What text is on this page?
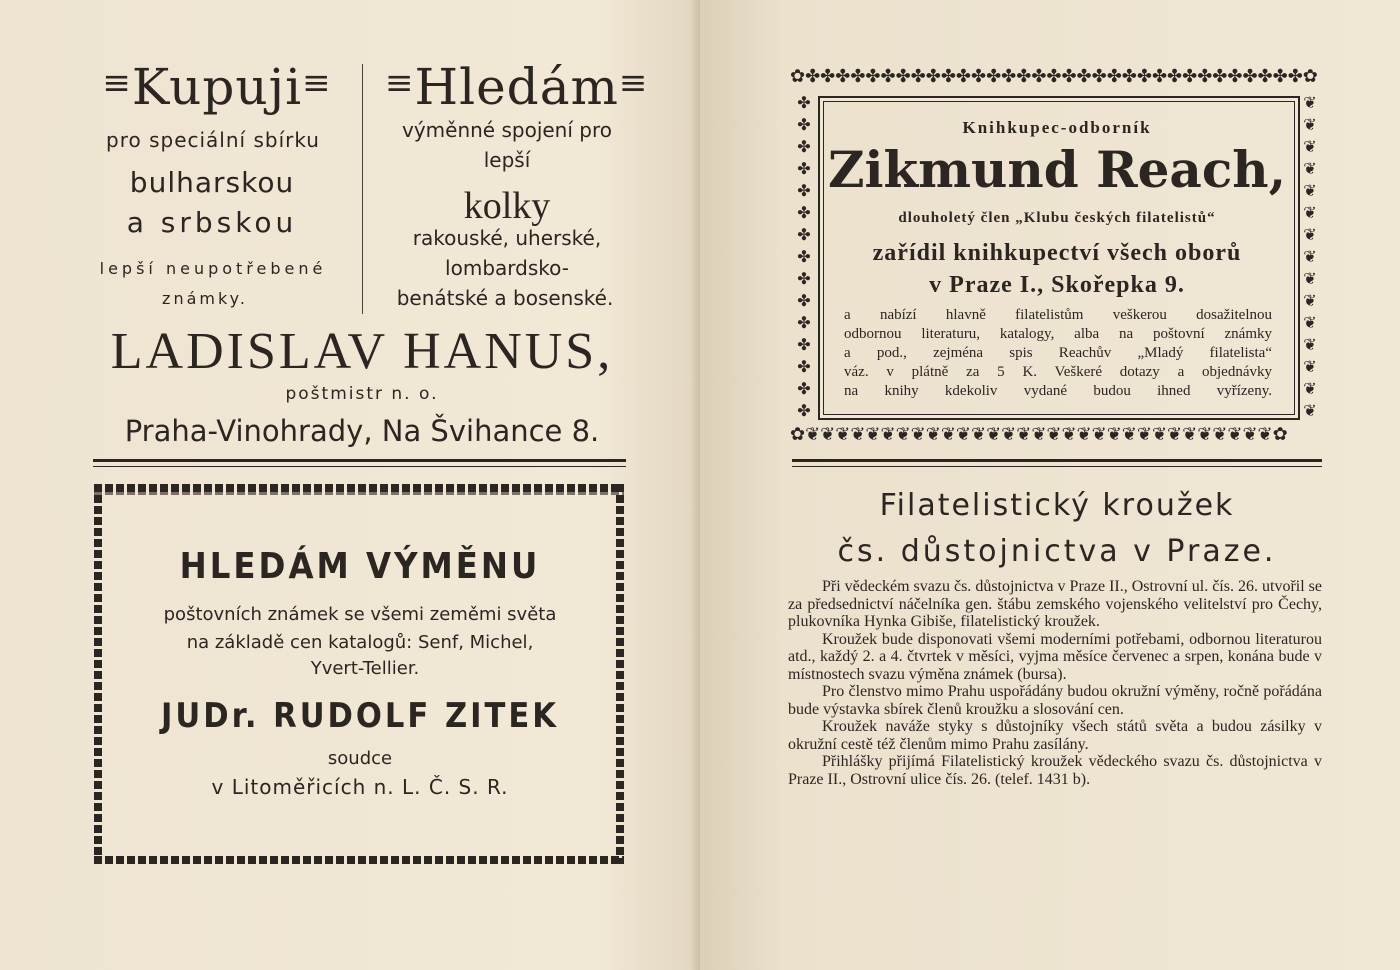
≡Kupuji≡
pro speciální sbírku
bulharskou
a srbskou
lepší neupotřebené
známky.
≡Hledám≡
výměnné spojení pro
lepší
kolky
rakouské, uherské,
lombardsko-
benátské a bosenské.
LADISLAV HANUS,
poštmistr n. o.
Praha-Vinohrady, Na Švihance 8.
HLEDÁM VÝMĚNU
poštovních známek se všemi zeměmi světa
na základě cen katalogů: Senf, Michel,
Yvert-Tellier.
JUDr. RUDOLF ZITEK
soudce
v Litoměřicích n. L. Č. S. R.
✿✤✤✤✤✤✤✤✤✤✤✤✤✤✤✤✤✤✤✤✤✤✤✤✤✤✤✤✤✤✤✤✤✤✿
✿❦❦❦❦❦❦❦❦❦❦❦❦❦❦❦❦❦❦❦❦❦❦❦❦❦❦❦❦❦❦❦✿
✤
✤
✤
✤
✤
✤
✤
✤
✤
✤
✤
✤
✤
✤
✤
❦
❦
❦
❦
❦
❦
❦
❦
❦
❦
❦
❦
❦
❦
❦
Knihkupec-odborník
Zikmund Reach,
dlouholetý člen „Klubu českých filatelistů“
zařídil knihkupectví všech oborů
v Praze I., Skořepka 9.
a nabízí hlavně filatelistům veškerou dosažitelnou
odbornou literaturu, katalogy, alba na poštovní známky
a pod., zejména spis Reachův „Mladý filatelista“
váz. v plátně za 5 K. Veškeré dotazy a objednávky
na knihy kdekoliv vydané budou ihned vyřízeny.
Filatelistický kroužek
čs. důstojnictva v Praze.
Při vědeckém svazu čs. důstojnictva v Praze II., Ostrovní ul. čís. 26. utvořil se za předsednictví náčelníka gen. štábu zemského vojenského velitelství pro Čechy, plukovníka Hynka Gibiše, filatelistický kroužek.
Kroužek bude disponovati všemi moderními potřebami, odbornou literaturou atd., každý 2. a 4. čtvrtek v měsíci, vyjma měsíce červenec a srpen, konána bude v místnostech svazu výměna známek (bursa).
Pro členstvo mimo Prahu uspořádány budou okružní výměny, ročně pořádána bude výstavka sbírek členů kroužku a slosování cen.
Kroužek naváže styky s důstojníky všech států světa a budou zásilky v okružní cestě též členům mimo Prahu zasílány.
Přihlášky přijímá Filatelistický kroužek vědeckého svazu čs. důstojnictva v Praze II., Ostrovní ulice čís. 26. (telef. 1431 b).
